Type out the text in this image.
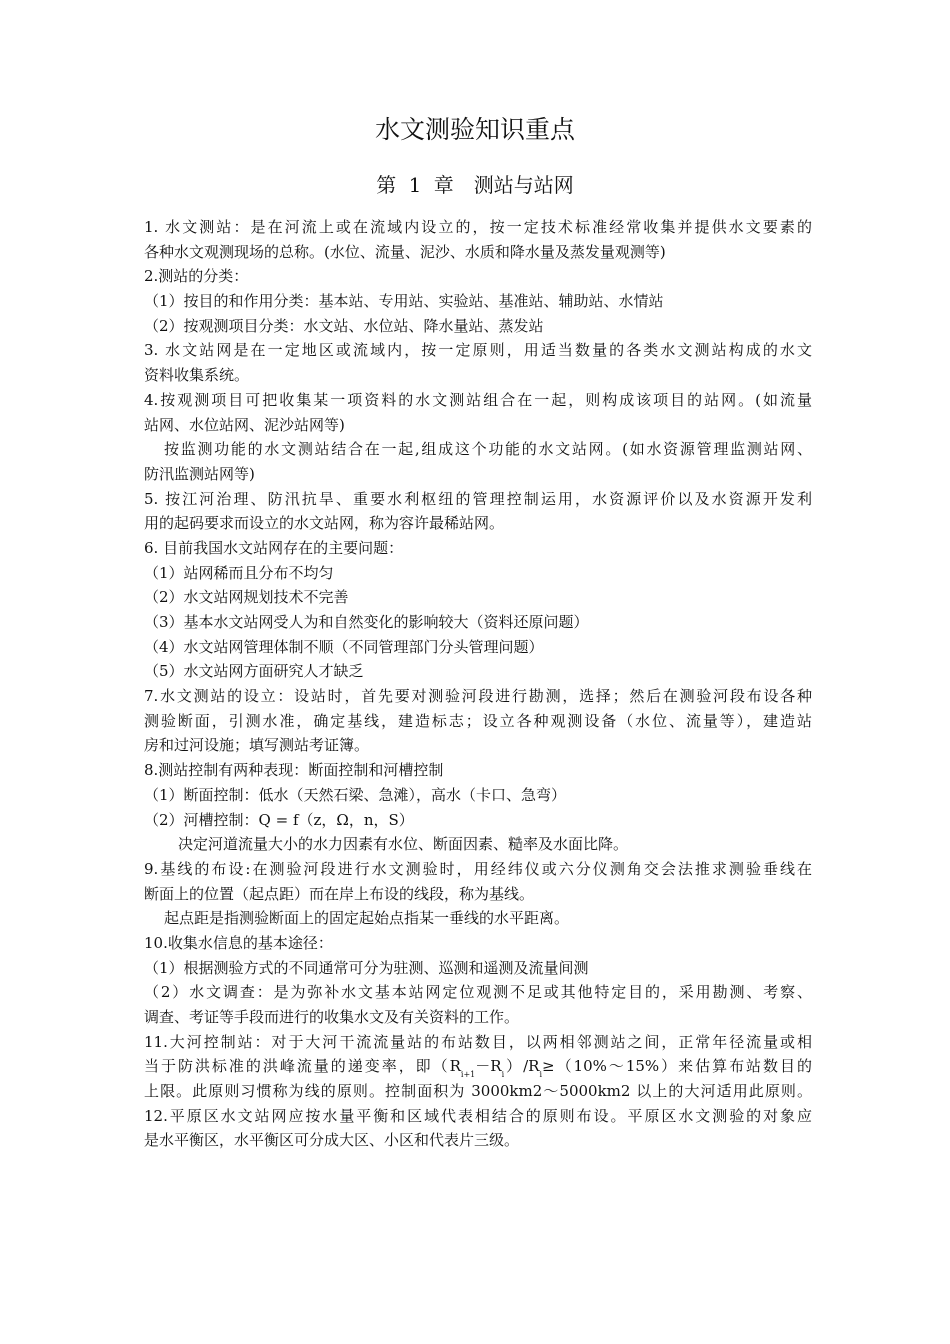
水文测验知识重点
第 1 章　测站与站网
1. 水文测站：是在河流上或在流域内设立的，按一定技术标准经常收集并提供水文要素的
各种水文观测现场的总称。(水位、流量、泥沙、水质和降水量及蒸发量观测等)
2.测站的分类：
（1）按目的和作用分类：基本站、专用站、实验站、基准站、辅助站、水情站
（2）按观测项目分类：水文站、水位站、降水量站、蒸发站
3. 水文站网是在一定地区或流域内，按一定原则，用适当数量的各类水文测站构成的水文
资料收集系统。
4.按观测项目可把收集某一项资料的水文测站组合在一起，则构成该项目的站网。(如流量
站网、水位站网、泥沙站网等)
按监测功能的水文测站结合在一起,组成这个功能的水文站网。(如水资源管理监测站网、
防汛监测站网等)
5. 按江河治理、防汛抗旱、重要水利枢纽的管理控制运用，水资源评价以及水资源开发利
用的起码要求而设立的水文站网，称为容许最稀站网。
6. 目前我国水文站网存在的主要问题：
（1）站网稀而且分布不均匀
（2）水文站网规划技术不完善
（3）基本水文站网受人为和自然变化的影响较大（资料还原问题）
（4）水文站网管理体制不顺（不同管理部门分头管理问题）
（5）水文站网方面研究人才缺乏
7.水文测站的设立：设站时，首先要对测验河段进行勘测，选择；然后在测验河段布设各种
测验断面，引测水准，确定基线，建造标志；设立各种观测设备（水位、流量等），建造站
房和过河设施；填写测站考证簿。
8.测站控制有两种表现：断面控制和河槽控制
（1）断面控制：低水（天然石梁、急滩），高水（卡口、急弯）
（2）河槽控制：Q = f（z，Ω，n，S）
决定河道流量大小的水力因素有水位、断面因素、糙率及水面比降。
9.基线的布设:在测验河段进行水文测验时，用经纬仪或六分仪测角交会法推求测验垂线在
断面上的位置（起点距）而在岸上布设的线段，称为基线。
起点距是指测验断面上的固定起始点指某一垂线的水平距离。
10.收集水信息的基本途径：
（1）根据测验方式的不同通常可分为驻测、巡测和遥测及流量间测
（2）水文调查：是为弥补水文基本站网定位观测不足或其他特定目的，采用勘测、考察、
调查、考证等手段而进行的收集水文及有关资料的工作。
11.大河控制站：对于大河干流流量站的布站数目，以两相邻测站之间，正常年径流量或相
当于防洪标准的洪峰流量的递变率，即$(R_{i+1}-R_i)/R_i\ge(10\%\sim 15\%)$来估算布站数目的
上限。此原则习惯称为线的原则。控制面积为 3000km2～5000km2 以上的大河适用此原则。
12.平原区水文站网应按水量平衡和区域代表相结合的原则布设。平原区水文测验的对象应
是水平衡区，水平衡区可分成大区、小区和代表片三级。
